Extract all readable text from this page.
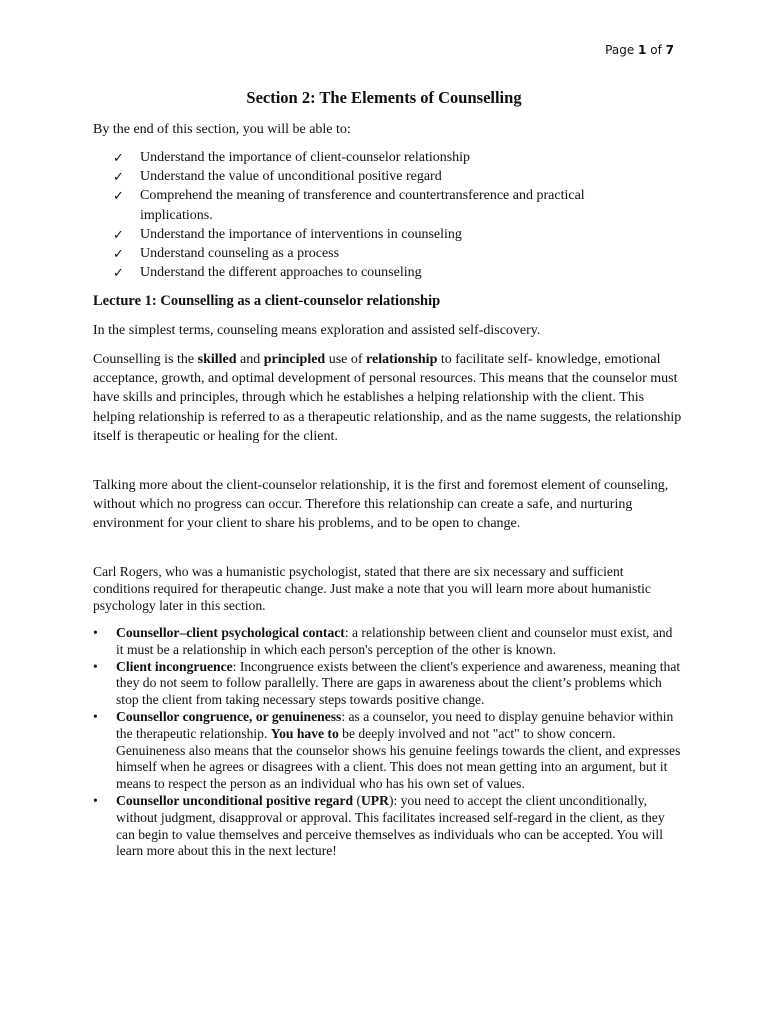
Page 1 of 7
Section 2: The Elements of Counselling
By the end of this section, you will be able to:
✓ Understand the importance of client-counselor relationship
✓ Understand the value of unconditional positive regard
✓ Comprehend the meaning of transference and countertransference and practical implications.
✓ Understand the importance of interventions in counseling
✓ Understand counseling as a process
✓ Understand the different approaches to counseling
Lecture 1: Counselling as a client-counselor relationship
In the simplest terms, counseling means exploration and assisted self-discovery.
Counselling is the skilled and principled use of relationship to facilitate self- knowledge, emotional acceptance, growth, and optimal development of personal resources. This means that the counselor must have skills and principles, through which he establishes a helping relationship with the client. This helping relationship is referred to as a therapeutic relationship, and as the name suggests, the relationship itself is therapeutic or healing for the client.
Talking more about the client-counselor relationship, it is the first and foremost element of counseling, without which no progress can occur. Therefore this relationship can create a safe, and nurturing environment for your client to share his problems, and to be open to change.
Carl Rogers, who was a humanistic psychologist, stated that there are six necessary and sufficient conditions required for therapeutic change. Just make a note that you will learn more about humanistic psychology later in this section.
• Counsellor–client psychological contact: a relationship between client and counselor must exist, and it must be a relationship in which each person's perception of the other is known.
• Client incongruence: Incongruence exists between the client's experience and awareness, meaning that they do not seem to follow parallelly. There are gaps in awareness about the client’s problems which stop the client from taking necessary steps towards positive change.
• Counsellor congruence, or genuineness: as a counselor, you need to display genuine behavior within the therapeutic relationship. You have to be deeply involved and not "act" to show concern. Genuineness also means that the counselor shows his genuine feelings towards the client, and expresses himself when he agrees or disagrees with a client. This does not mean getting into an argument, but it means to respect the person as an individual who has his own set of values.
• Counsellor unconditional positive regard (UPR): you need to accept the client unconditionally, without judgment, disapproval or approval. This facilitates increased self-regard in the client, as they can begin to value themselves and perceive themselves as individuals who can be accepted. You will learn more about this in the next lecture!
